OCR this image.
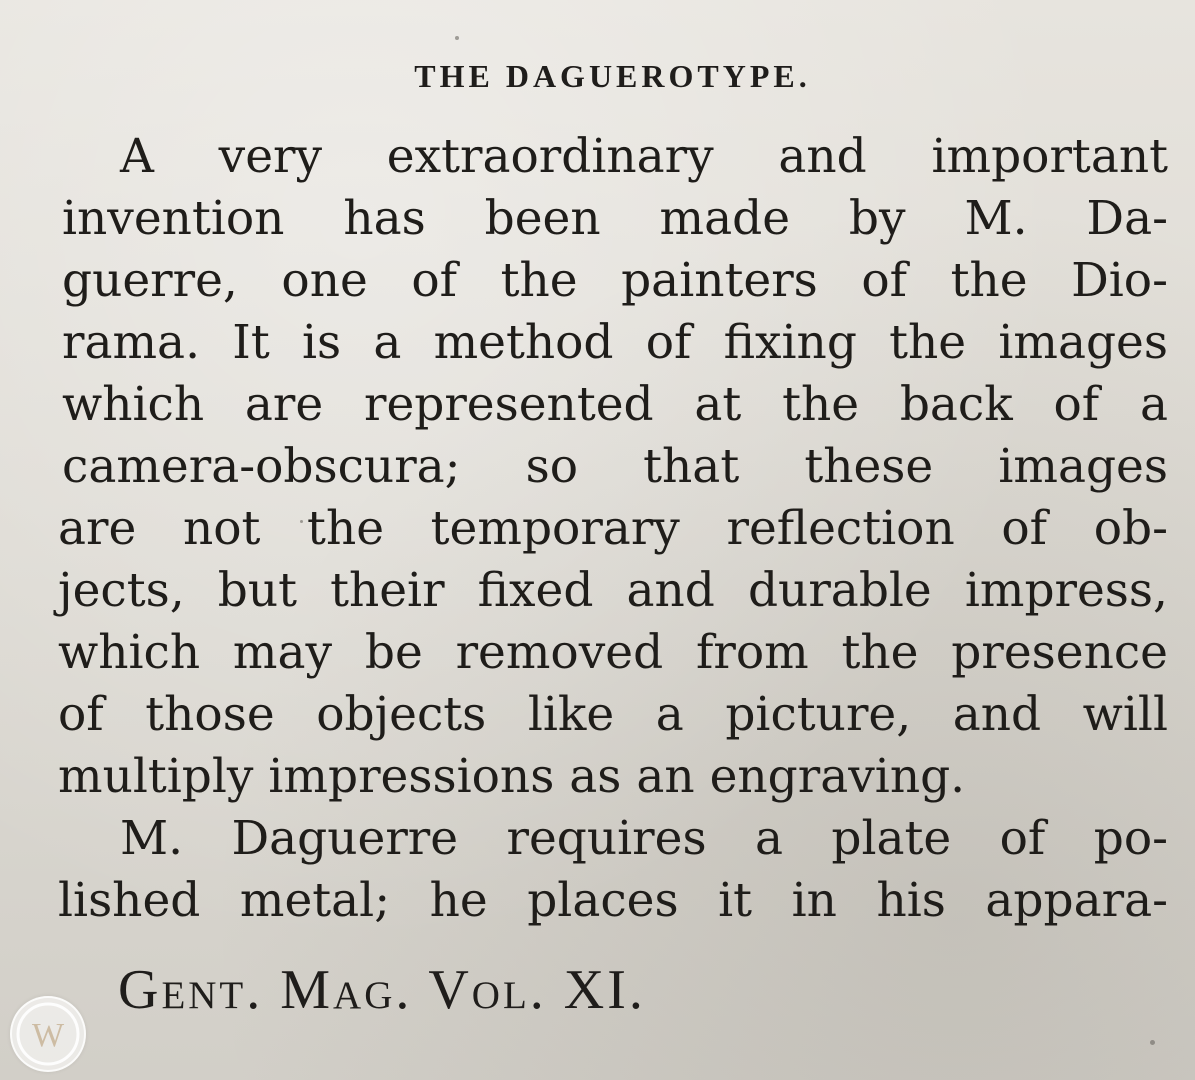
THE DAGUEROTYPE.
A very extraordinary and important
invention has been made by M. Da-
guerre, one of the painters of the Dio-
rama. It is a method of fixing the images
which are represented at the back of a
camera-obscura; so that these images
are not the temporary reflection of ob-
jects, but their fixed and durable impress,
which may be removed from the presence
of those objects like a picture, and will
multiply impressions as an engraving.
M. Daguerre requires a plate of po-
lished metal; he places it in his appara-
Gent. Mag. Vol. XI.
W
